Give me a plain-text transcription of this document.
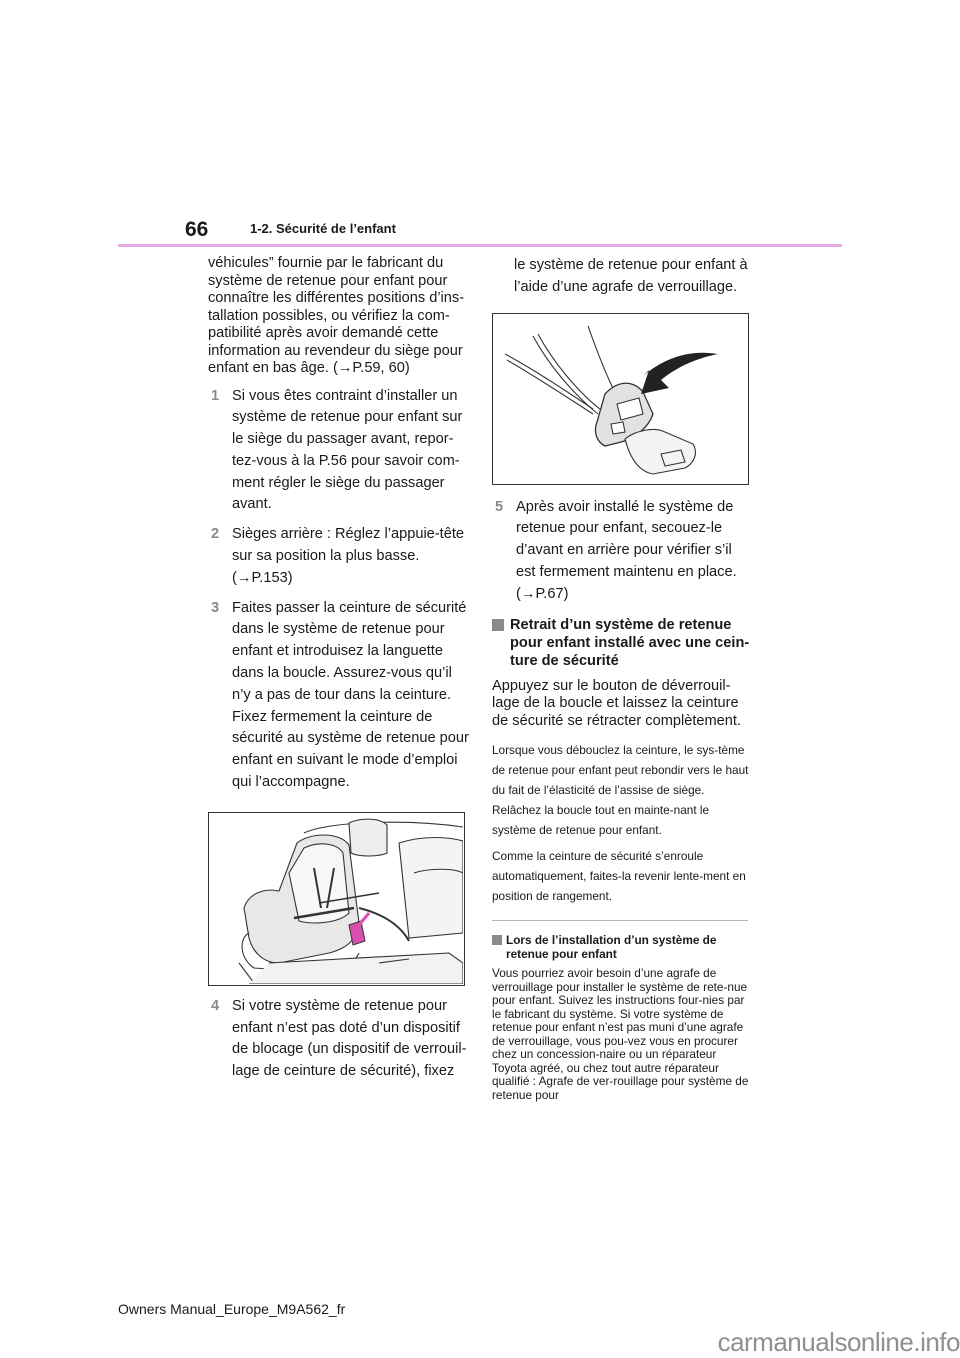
66	1-2. Sécurité de l’enfant

véhicules” fournie par le fabricant du système de retenue pour enfant pour connaître les différentes positions d’ins-tallation possibles, ou vérifiez la com-patibilité après avoir demandé cette information au revendeur du siège pour enfant en bas âge. (→P.59, 60)

1 Si vous êtes contraint d’installer un système de retenue pour enfant sur le siège du passager avant, repor-tez-vous à la P.56 pour savoir com-ment régler le siège du passager avant.
2 Sièges arrière : Réglez l’appuie-tête sur sa position la plus basse. (→P.153)
3 Faites passer la ceinture de sécurité dans le système de retenue pour enfant et introduisez la languette dans la boucle. Assurez-vous qu’il n’y a pas de tour dans la ceinture. Fixez fermement la ceinture de sécurité au système de retenue pour enfant en suivant le mode d’emploi qui l’accompagne.
4 Si votre système de retenue pour enfant n’est pas doté d’un dispositif de blocage (un dispositif de verrouil-lage de ceinture de sécurité), fixez

le système de retenue pour enfant à l’aide d’une agrafe de verrouillage.

5 Après avoir installé le système de retenue pour enfant, secouez-le d’avant en arrière pour vérifier s’il est fermement maintenu en place. (→P.67)
Retrait d’un système de retenue pour enfant installé avec une cein-ture de sécurité

Appuyez sur le bouton de déverrouil-lage de la boucle et laissez la ceinture de sécurité se rétracter complètement.

Lorsque vous débouclez la ceinture, le sys-tème de retenue pour enfant peut rebondir vers le haut du fait de l’élasticité de l’assise de siège. Relâchez la boucle tout en mainte-nant le système de retenue pour enfant.

Comme la ceinture de sécurité s’enroule automatiquement, faites-la revenir lente-ment en position de rangement.

Lors de l’installation d’un système de retenue pour enfant

Vous pourriez avoir besoin d’une agrafe de verrouillage pour installer le système de rete-nue pour enfant. Suivez les instructions four-nies par le fabricant du système. Si votre système de retenue pour enfant n’est pas muni d’une agrafe de verrouillage, vous pou-vez vous en procurer chez un concession-naire ou un réparateur Toyota agréé, ou chez tout autre réparateur qualifié : Agrafe de ver-rouillage pour système de retenue pour

Owners Manual_Europe_M9A562_fr
carmanualsonline.info
